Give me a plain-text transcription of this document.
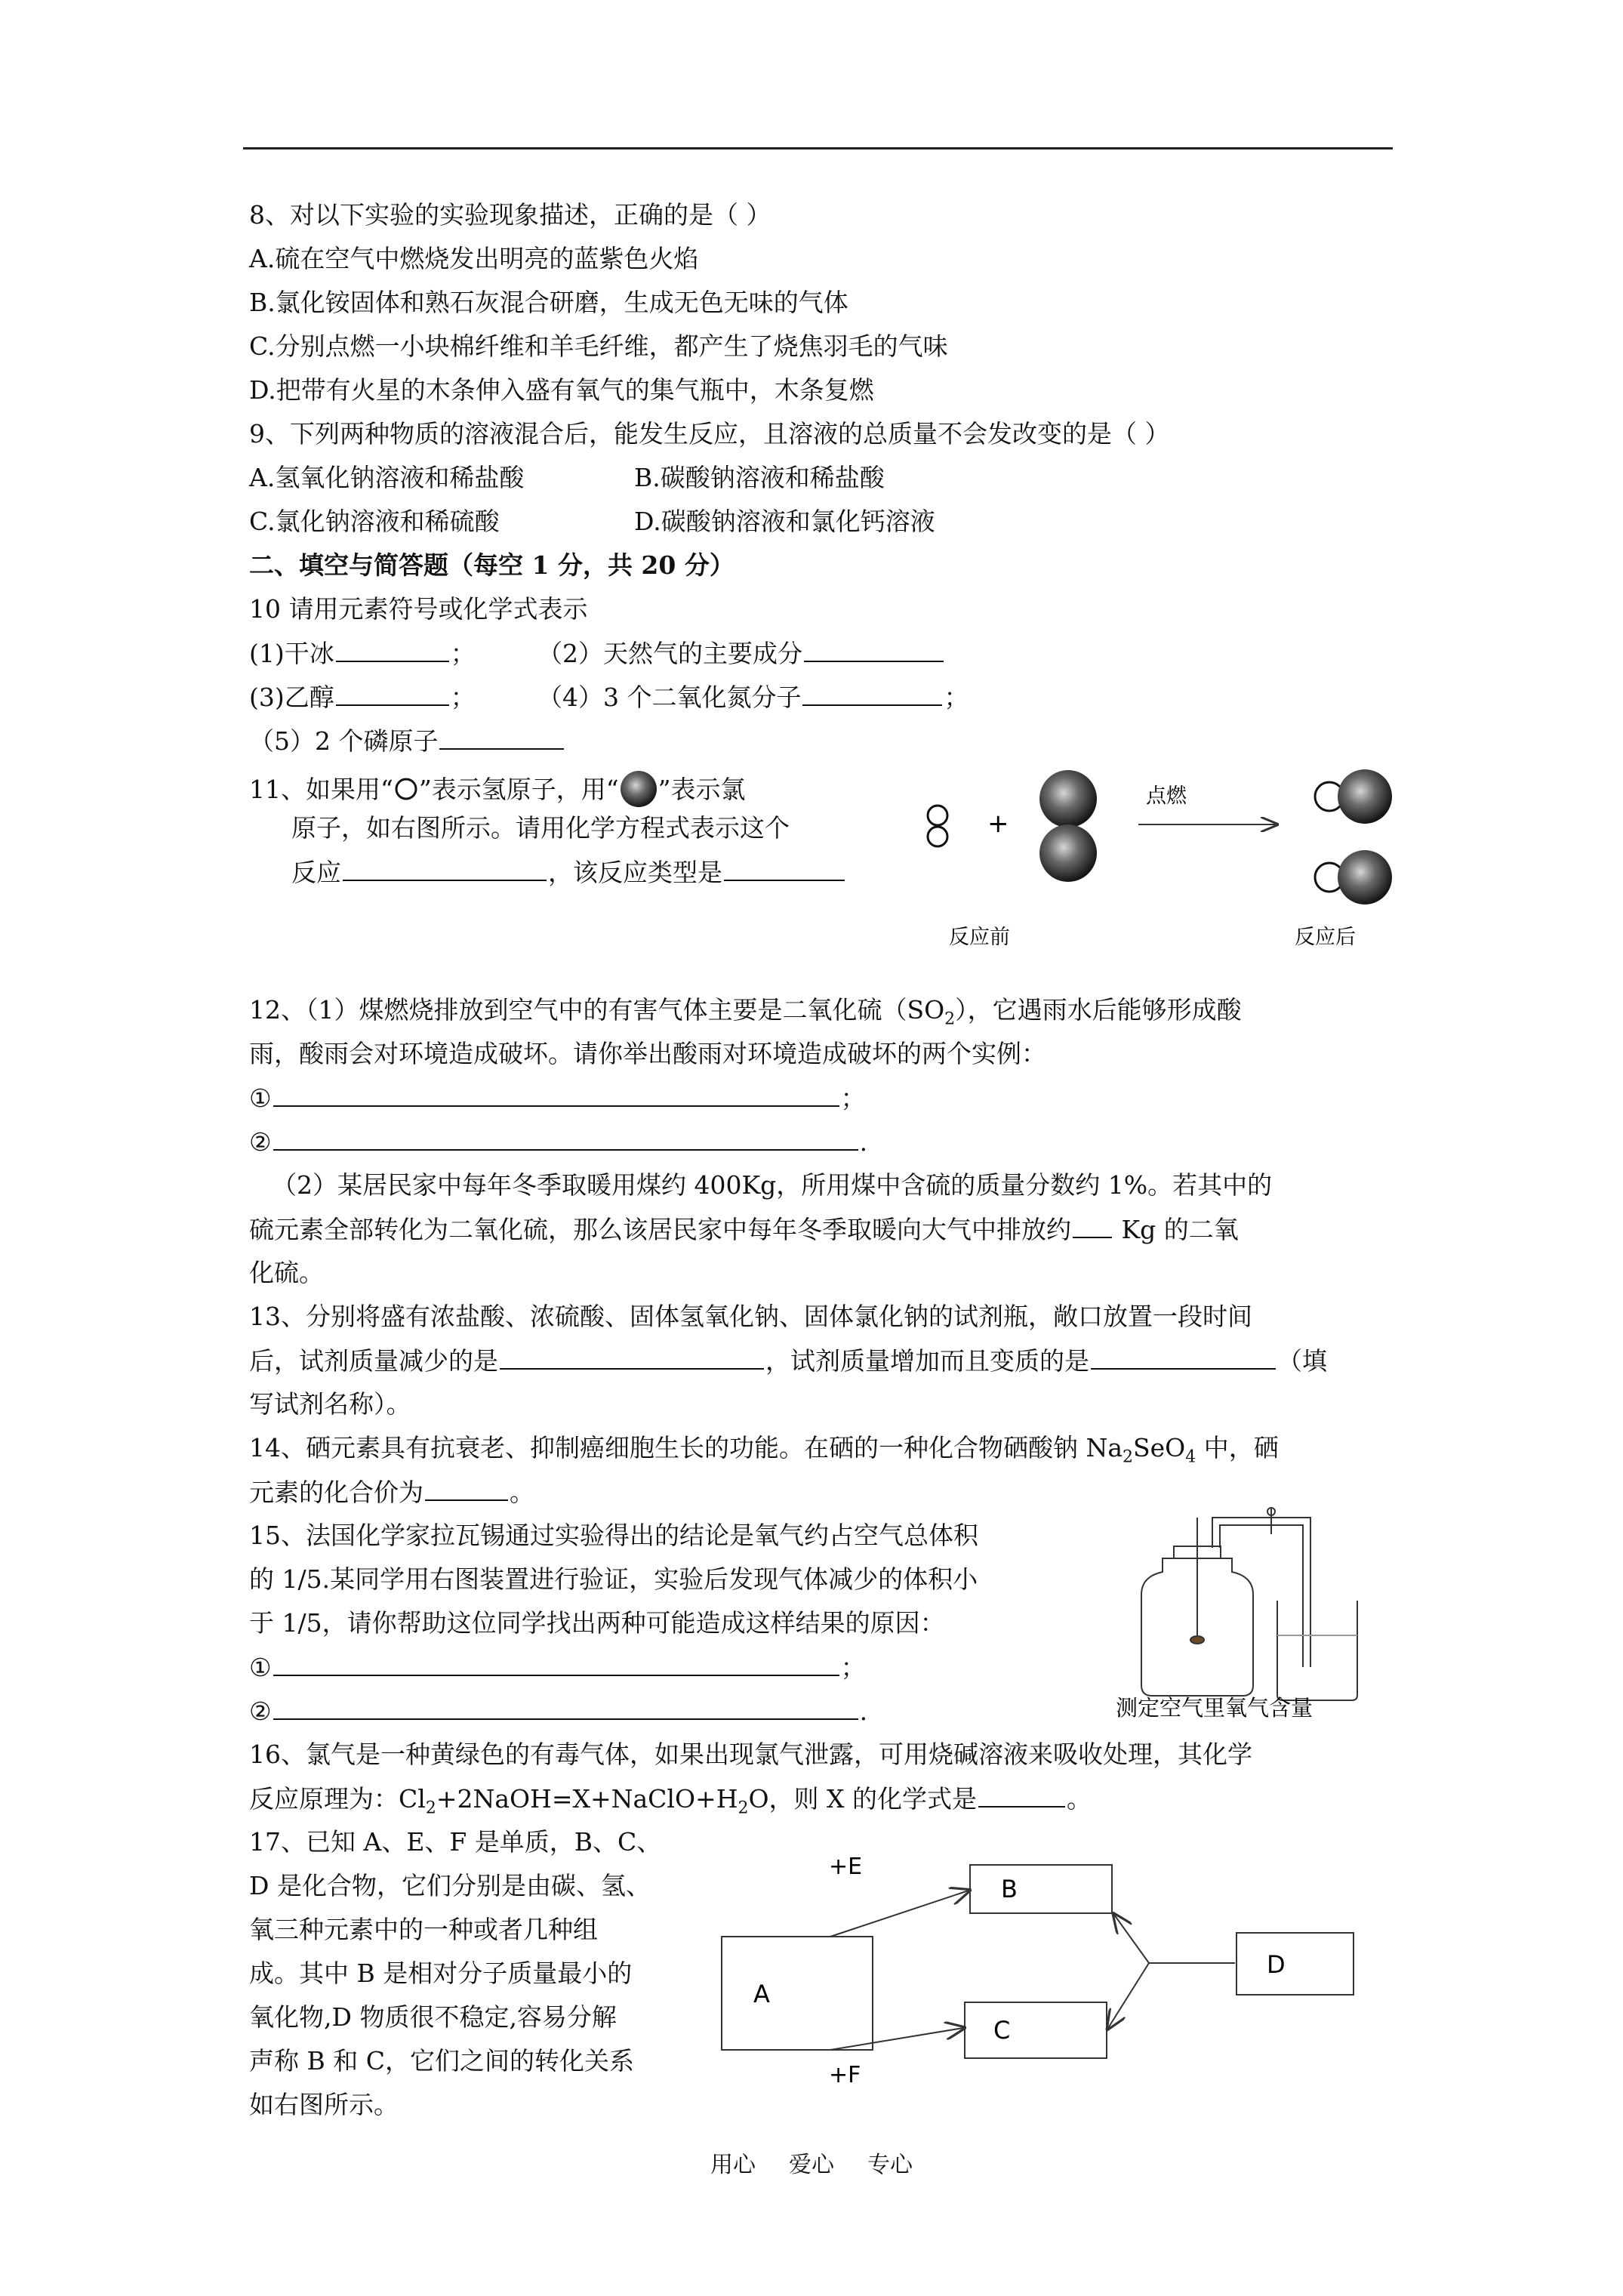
8、对以下实验的实验现象描述，正确的是（ ）
A.硫在空气中燃烧发出明亮的蓝紫色火焰
B.氯化铵固体和熟石灰混合研磨，生成无色无味的气体
C.分别点燃一小块棉纤维和羊毛纤维，都产生了烧焦羽毛的气味
D.把带有火星的木条伸入盛有氧气的集气瓶中，木条复燃
9、下列两种物质的溶液混合后，能发生反应，且溶液的总质量不会发改变的是（ ）
A.氢氧化钠溶液和稀盐酸	B.碳酸钠溶液和稀盐酸
C.氯化钠溶液和稀硫酸	D.碳酸钠溶液和氯化钙溶液
二、填空与简答题（每空 1 分，共 20 分）
10 请用元素符号或化学式表示
(1)干冰	； （2）天然气的主要成分
(3)乙醇	； （4）3 个二氧化氮分子	；
（5）2 个磷原子
11、如果用“ ”表示氢原子，用“ ”表示氯
原子，如右图所示。请用化学方程式表示这个
反应	，该反应类型是
+
点燃
反应前	反应后
12、（1）煤燃烧排放到空气中的有害气体主要是二氧化硫$(SO_2)$，它遇雨水后能够形成酸
雨，酸雨会对环境造成破坏。请你举出酸雨对环境造成破坏的两个实例：
①	；
②	.
（2）某居民家中每年冬季取暖用煤约 400Kg，所用煤中含硫的质量分数约 1%。若其中的
硫元素全部转化为二氧化硫，那么该居民家中每年冬季取暖向大气中排放约 Kg 的二氧
化硫。
13、分别将盛有浓盐酸、浓硫酸、固体氢氧化钠、固体氯化钠的试剂瓶，敞口放置一段时间
后，试剂质量减少的是	，试剂质量增加而且变质的是	（填
写试剂名称）。
14、硒元素具有抗衰老、抑制癌细胞生长的功能。在硒的一种化合物硒酸钠 $Na_2SeO_4$ 中，硒
元素的化合价为	。
15、法国化学家拉瓦锡通过实验得出的结论是氧气约占空气总体积
的 1/5.某同学用右图装置进行验证，实验后发现气体减少的体积小
于 1/5，请你帮助这位同学找出两种可能造成这样结果的原因：
①	；
②	.	测定空气里氧气含量
16、氯气是一种黄绿色的有毒气体，如果出现氯气泄露，可用烧碱溶液来吸收处理，其化学
反应原理为：$Cl_2+2NaOH=X+NaClO+H_2O$，则 X 的化学式是	。
17、已知 A、E、F 是单质，B、C、
D 是化合物，它们分别是由碳、氢、
氧三种元素中的一种或者几种组
成。其中 B 是相对分子质量最小的
氧化物,D 物质很不稳定,容易分解
声称 B 和 C，它们之间的转化关系
如右图所示。
A
B
C
D
+E
+F
用心 爱心 专心
